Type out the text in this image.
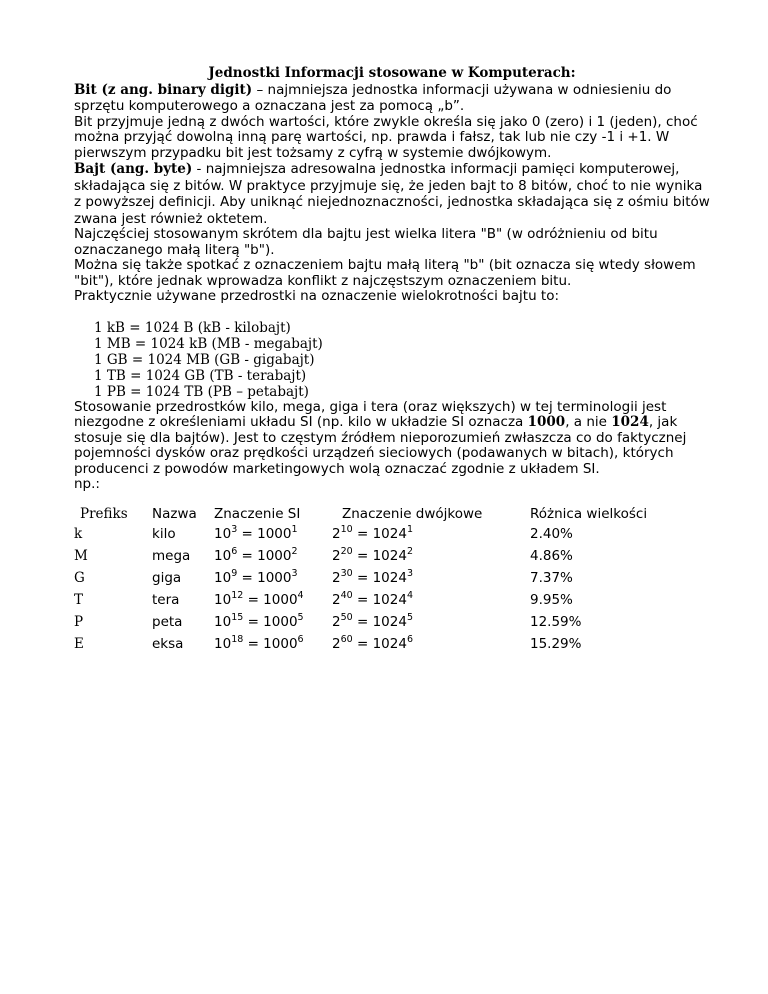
Jednostki Informacji stosowane w Komputerach:

Bit (z ang. binary digit) – najmniejsza jednostka informacji używana w odniesieniu do sprzętu komputerowego a oznaczana jest za pomocą „b”.

Bit przyjmuje jedną z dwóch wartości, które zwykle określa się jako 0 (zero) i 1 (jeden), choć można przyjąć dowolną inną parę wartości, np. prawda i fałsz, tak lub nie czy -1 i +1. W pierwszym przypadku bit jest tożsamy z cyfrą w systemie dwójkowym.

Bajt (ang. byte) - najmniejsza adresowalna jednostka informacji pamięci komputerowej, składająca się z bitów. W praktyce przyjmuje się, że jeden bajt to 8 bitów, choć to nie wynika z powyższej definicji. Aby uniknąć niejednoznaczności, jednostka składająca się z ośmiu bitów zwana jest również oktetem.

Najczęściej stosowanym skrótem dla bajtu jest wielka litera "B" (w odróżnieniu od bitu oznaczanego małą literą "b").

Można się także spotkać z oznaczeniem bajtu małą literą "b" (bit oznacza się wtedy słowem "bit"), które jednak wprowadza konflikt z najczęstszym oznaczeniem bitu.

Praktycznie używane przedrostki na oznaczenie wielokrotności bajtu to:

1 kB = 1024 B (kB - kilobajt)
1 MB = 1024 kB (MB - megabajt)
1 GB = 1024 MB (GB - gigabajt)
1 TB = 1024 GB (TB - terabajt)
1 PB = 1024 TB (PB – petabajt)

Stosowanie przedrostków kilo, mega, giga i tera (oraz większych) w tej terminologii jest niezgodne z określeniami układu SI (np. kilo w układzie SI oznacza 1000, a nie 1024, jak stosuje się dla bajtów). Jest to częstym źródłem nieporozumień zwłaszcza co do faktycznej pojemności dysków oraz prędkości urządzeń sieciowych (podawanych w bitach), których producenci z powodów marketingowych wolą oznaczać zgodnie z układem SI.

np.:

Prefiks	Nazwa	Znaczenie SI	Znaczenie dwójkowe	Różnica wielkości
k	kilo	$10^3 = 1000^1$	$2^{10} = 1024^1$	2.40%
M	mega	$10^6 = 1000^2$	$2^{20} = 1024^2$	4.86%
G	giga	$10^9 = 1000^3$	$2^{30} = 1024^3$	7.37%
T	tera	$10^{12} = 1000^4$	$2^{40} = 1024^4$	9.95%
P	peta	$10^{15} = 1000^5$	$2^{50} = 1024^5$	12.59%
E	eksa	$10^{18} = 1000^6$	$2^{60} = 1024^6$	15.29%
